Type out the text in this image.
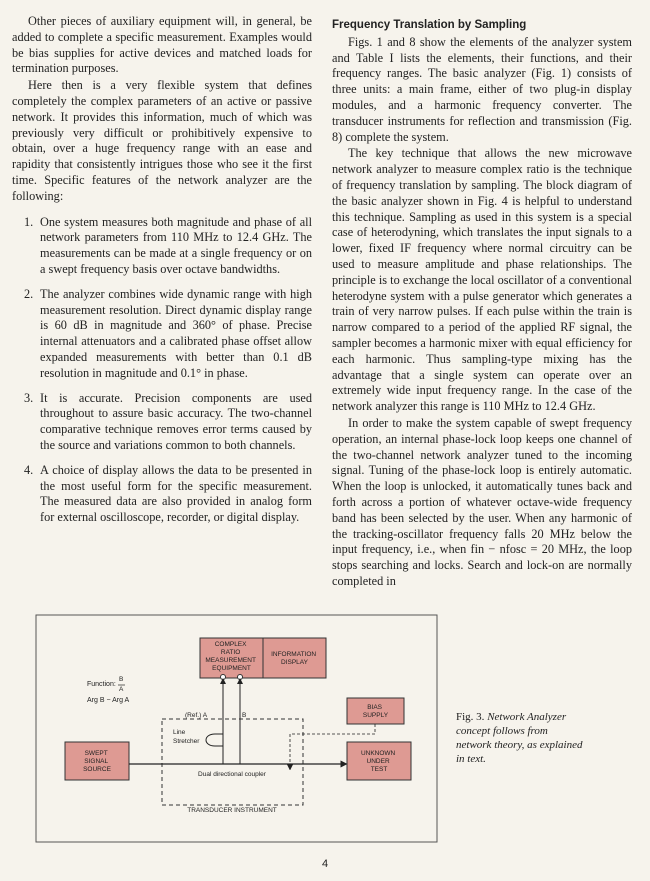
Other pieces of auxiliary equipment will, in general, be added to complete a specific measurement. Examples would be bias supplies for active devices and matched loads for termination purposes.

Here then is a very flexible system that defines completely the complex parameters of an active or passive network. It provides this information, much of which was previously very difficult or prohibitively expensive to obtain, over a huge frequency range with an ease and rapidity that consistently intrigues those who see it the first time. Specific features of the network analyzer are the following:

1. One system measures both magnitude and phase of all network parameters from 110 MHz to 12.4 GHz. The measurements can be made at a single frequency or on a swept frequency basis over octave bandwidths.
2. The analyzer combines wide dynamic range with high measurement resolution. Direct dynamic display range is 60 dB in magnitude and 360° of phase. Precise internal attenuators and a calibrated phase offset allow expanded measurements with better than 0.1 dB resolution in magnitude and 0.1° in phase.
3. It is accurate. Precision components are used throughout to assure basic accuracy. The two-channel comparative technique removes error terms caused by the source and variations common to both channels.
4. A choice of display allows the data to be presented in the most useful form for the specific measurement. The measured data are also provided in analog form for external oscilloscope, recorder, or digital display.
Frequency Translation by Sampling

Figs. 1 and 8 show the elements of the analyzer system and Table I lists the elements, their functions, and their frequency ranges. The basic analyzer (Fig. 1) consists of three units: a main frame, either of two plug-in display modules, and a harmonic frequency converter. The transducer instruments for reflection and transmission (Fig. 8) complete the system.

The key technique that allows the new microwave network analyzer to measure complex ratio is the technique of frequency translation by sampling. The block diagram of the basic analyzer shown in Fig. 4 is helpful to understand this technique. Sampling as used in this system is a special case of heterodyning, which translates the input signals to a lower, fixed IF frequency where normal circuitry can be used to measure amplitude and phase relationships. The principle is to exchange the local oscillator of a conventional heterodyne system with a pulse generator which generates a train of very narrow pulses. If each pulse within the train is narrow compared to a period of the applied RF signal, the sampler becomes a harmonic mixer with equal efficiency for each harmonic. Thus sampling-type mixing has the advantage that a single system can operate over an extremely wide input frequency range. In the case of the network analyzer this range is 110 MHz to 12.4 GHz.

In order to make the system capable of swept frequency operation, an internal phase-lock loop keeps one channel of the two-channel network analyzer tuned to the incoming signal. Tuning of the phase-lock loop is entirely automatic. When the loop is unlocked, it automatically tunes back and forth across a portion of whatever octave-wide frequency band has been selected by the user. When any harmonic of the tracking-oscillator frequency falls 20 MHz below the input frequency, i.e., when fin − nfosc = 20 MHz, the loop stops searching and locks. Search and lock-on are normally completed in

COMPLEX RATIO MEASUREMENT EQUIPMENT
INFORMATION DISPLAY
Function: B A
Arg B − Arg A
BIAS SUPPLY
TRANSDUCER INSTRUMENT
(Ref.) A	B
Line Stretcher
SWEPT SIGNAL SOURCE
UNKNOWN UNDER TEST
Dual directional coupler
Fig. 3. Network Analyzer concept follows from network theory, as explained in text.
4
